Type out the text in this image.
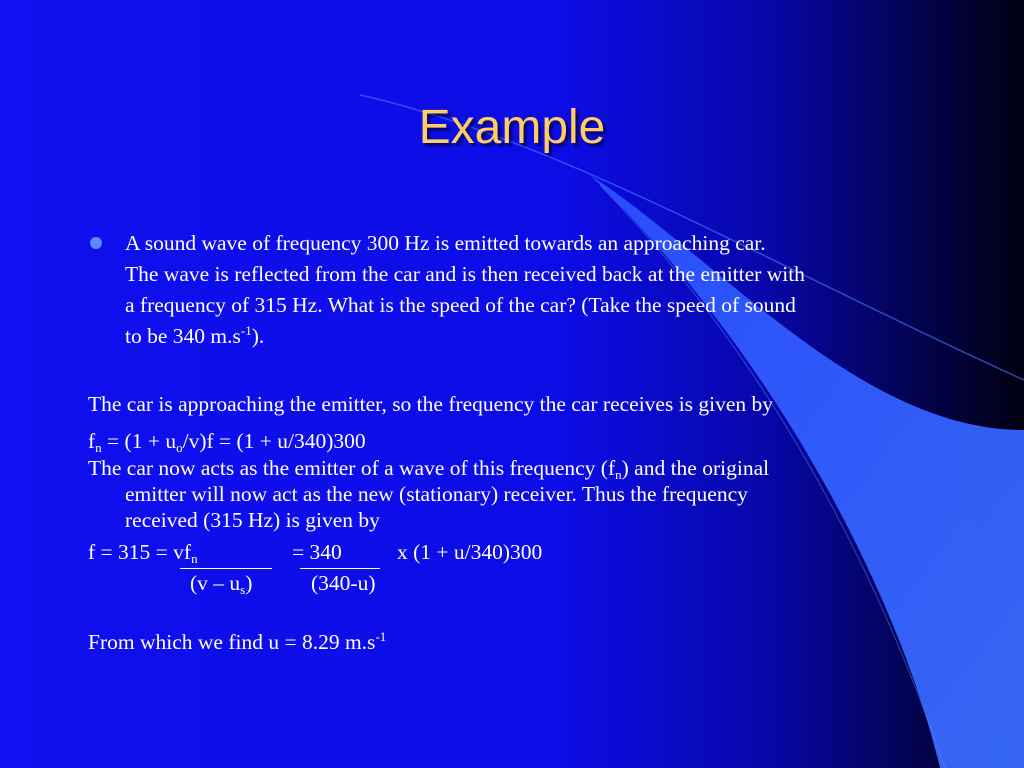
Example
A sound wave of frequency 300 Hz is emitted towards an approaching car.
The wave is reflected from the car and is then received back at the emitter with
a frequency of 315 Hz. What is the speed of the car? (Take the speed of sound
to be 340 $m.s^{-1}$).
The car is approaching the emitter, so the frequency the car receives is given by
$f_n = (1 + u_o/v)f = (1 + u/340)300$
The car now acts as the emitter of a wave of this frequency $(f_n)$ and the original
emitter will now act as the new (stationary) receiver. Thus the frequency
received (315 Hz) is given by
$f = 315 = vf_n$	= 340	x (1 + u/340)300
$(v - u_s)$	(340-u)
From which we find u = 8.29 $m.s^{-1}$
